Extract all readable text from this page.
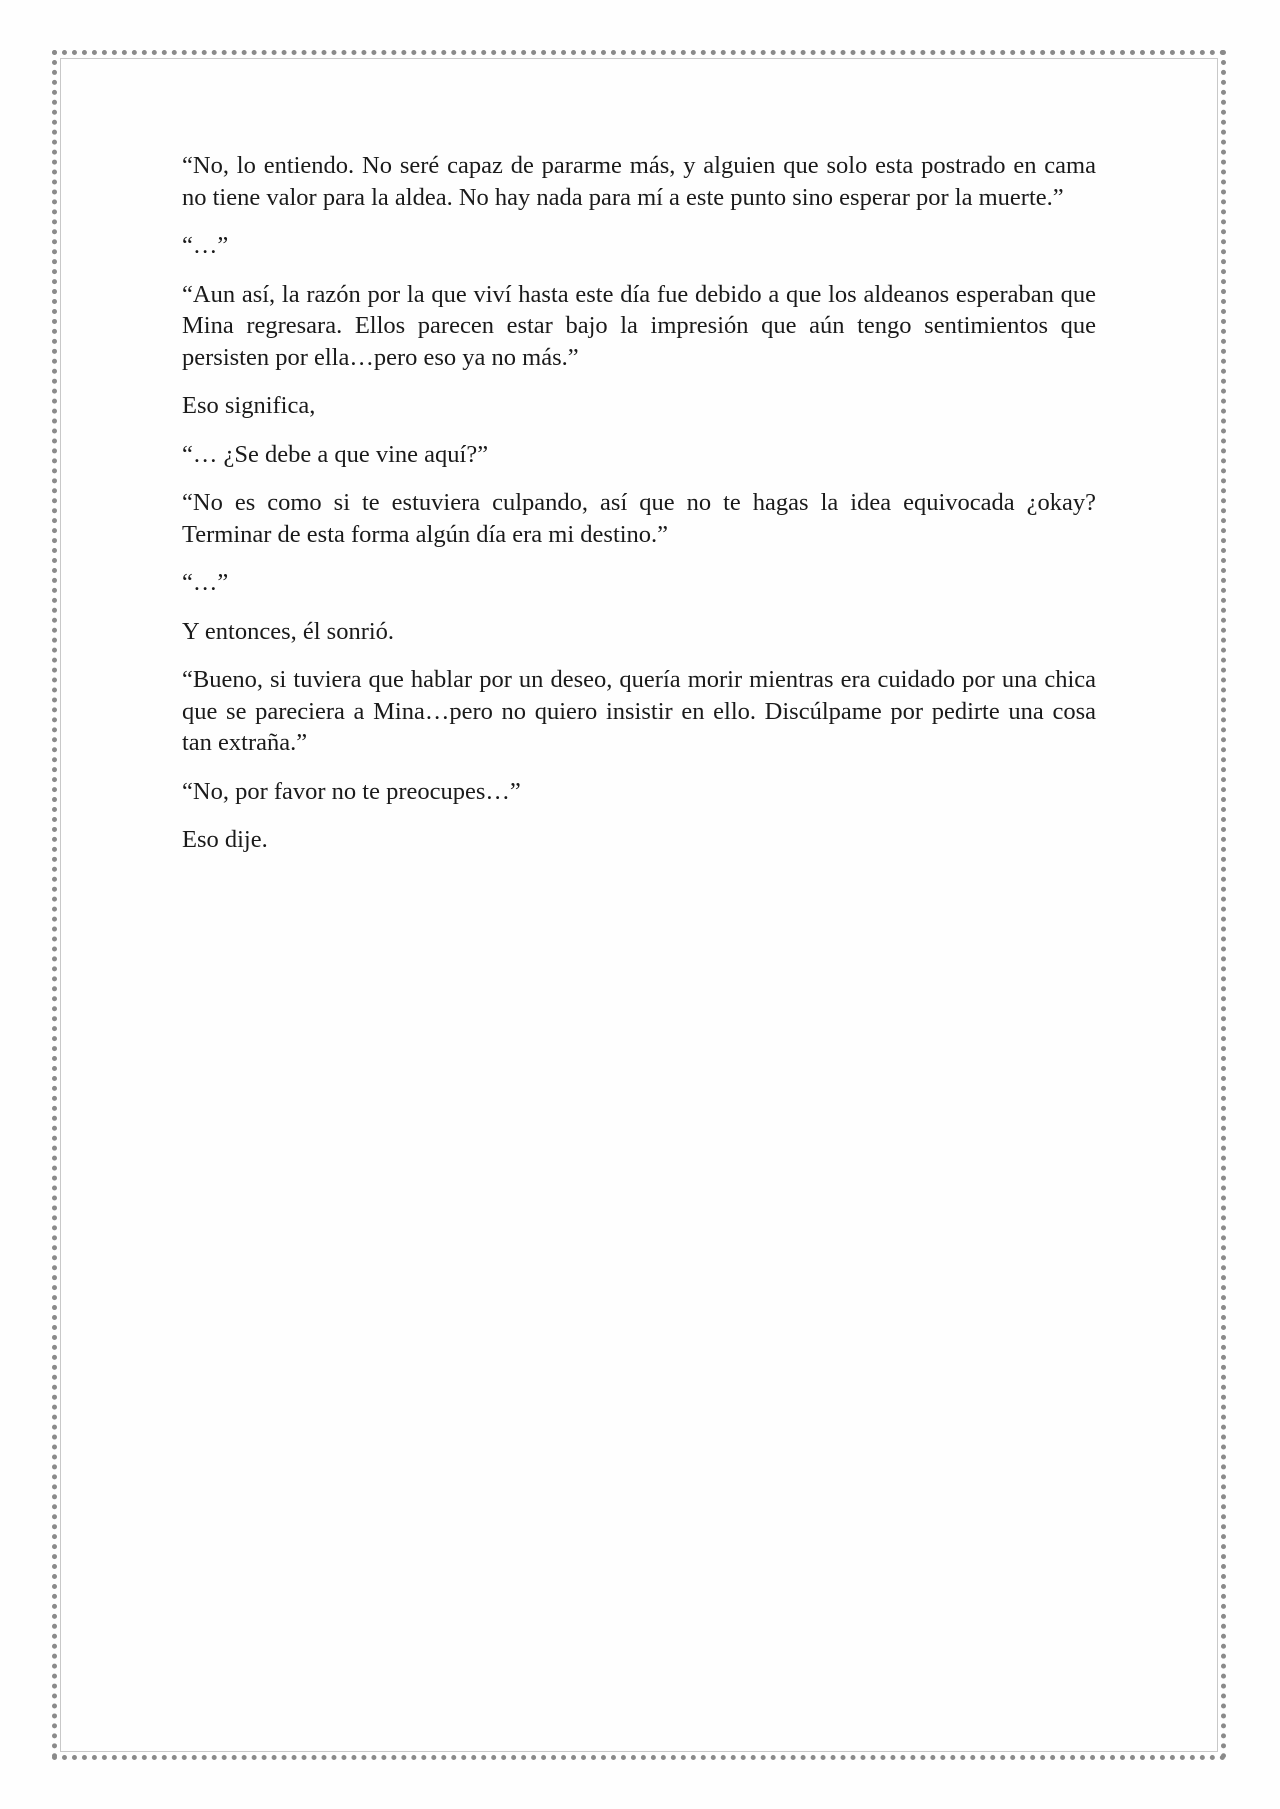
“No, lo entiendo. No seré capaz de pararme más, y alguien que solo esta postrado en cama no tiene valor para la aldea. No hay nada para mí a este punto sino esperar por la muerte.”

“…”

“Aun así, la razón por la que viví hasta este día fue debido a que los aldeanos esperaban que Mina regresara. Ellos parecen estar bajo la impresión que aún tengo sentimientos que persisten por ella…pero eso ya no más.”

Eso significa,

“… ¿Se debe a que vine aquí?”

“No es como si te estuviera culpando, así que no te hagas la idea equivocada ¿okay? Terminar de esta forma algún día era mi destino.”

“…”

Y entonces, él sonrió.

“Bueno, si tuviera que hablar por un deseo, quería morir mientras era cuidado por una chica que se pareciera a Mina…pero no quiero insistir en ello. Discúlpame por pedirte una cosa tan extraña.”

“No, por favor no te preocupes…”

Eso dije.
